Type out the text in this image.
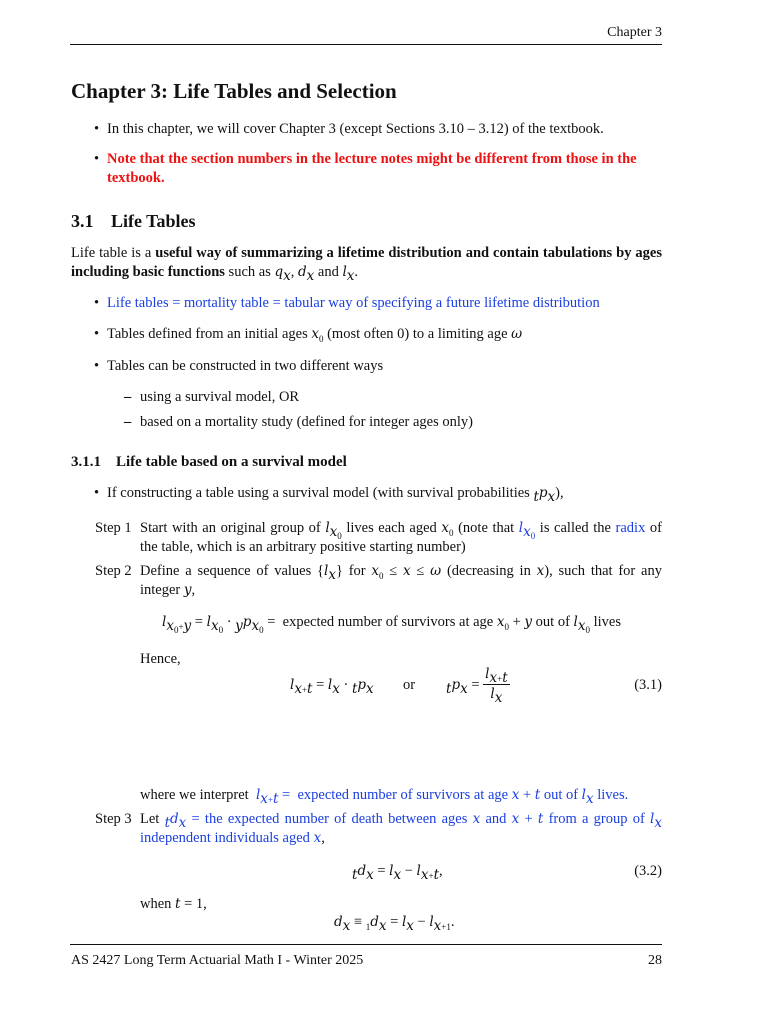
Chapter 3
Chapter 3: Life Tables and Selection
• In this chapter, we will cover Chapter 3 (except Sections 3.10 – 3.12) of the textbook.
• Note that the section numbers in the lecture notes might be different from those in the textbook.
3.1 Life Tables
Life table is a useful way of summarizing a lifetime distribution and contain tabulations by ages including basic functions such as $q_x$, $d_x$ and $l_x$.
• Life tables = mortality table = tabular way of specifying a future lifetime distribution
• Tables defined from an initial ages $x_0$ (most often 0) to a limiting age ω
• Tables can be constructed in two different ways
– using a survival model, OR
– based on a mortality study (defined for integer ages only)
3.1.1 Life table based on a survival model
• If constructing a table using a survival model (with survival probabilities $_tp_x$),
Step 1 Start with an original group of $l_{x_0}$ lives each aged $x_0$ (note that $l_{x_0}$ is called the radix of the table, which is an arbitrary positive starting number)
Step 2 Define a sequence of values $\{l_x\}$ for $x_0 \le x \le \omega$ (decreasing in x), such that for any integer y,
$l_{x_0+y} = l_{x_0} \cdot _yp_{x_0}$ =  expected number of survivors at age $x_0 + y$ out of $l_{x_0}$ lives
Hence,
$l_{x+t} = l_x \cdot _tp_x$ or $_tp_x = \frac{l_{x+t}}{l_x}$	(3.1)
where we interpret  $l_{x+t}$ =  expected number of survivors at age x + t out of $l_x$ lives.
Step 3 Let $_td_x$ = the expected number of death between ages x and x + t from a group of $l_x$ independent individuals aged x,
$_td_x = l_x - l_{x+t}$,	(3.2)
when t = 1,
$d_x \equiv _1d_x = l_x - l_{x+1}$.
AS 2427 Long Term Actuarial Math I - Winter 2025	28
